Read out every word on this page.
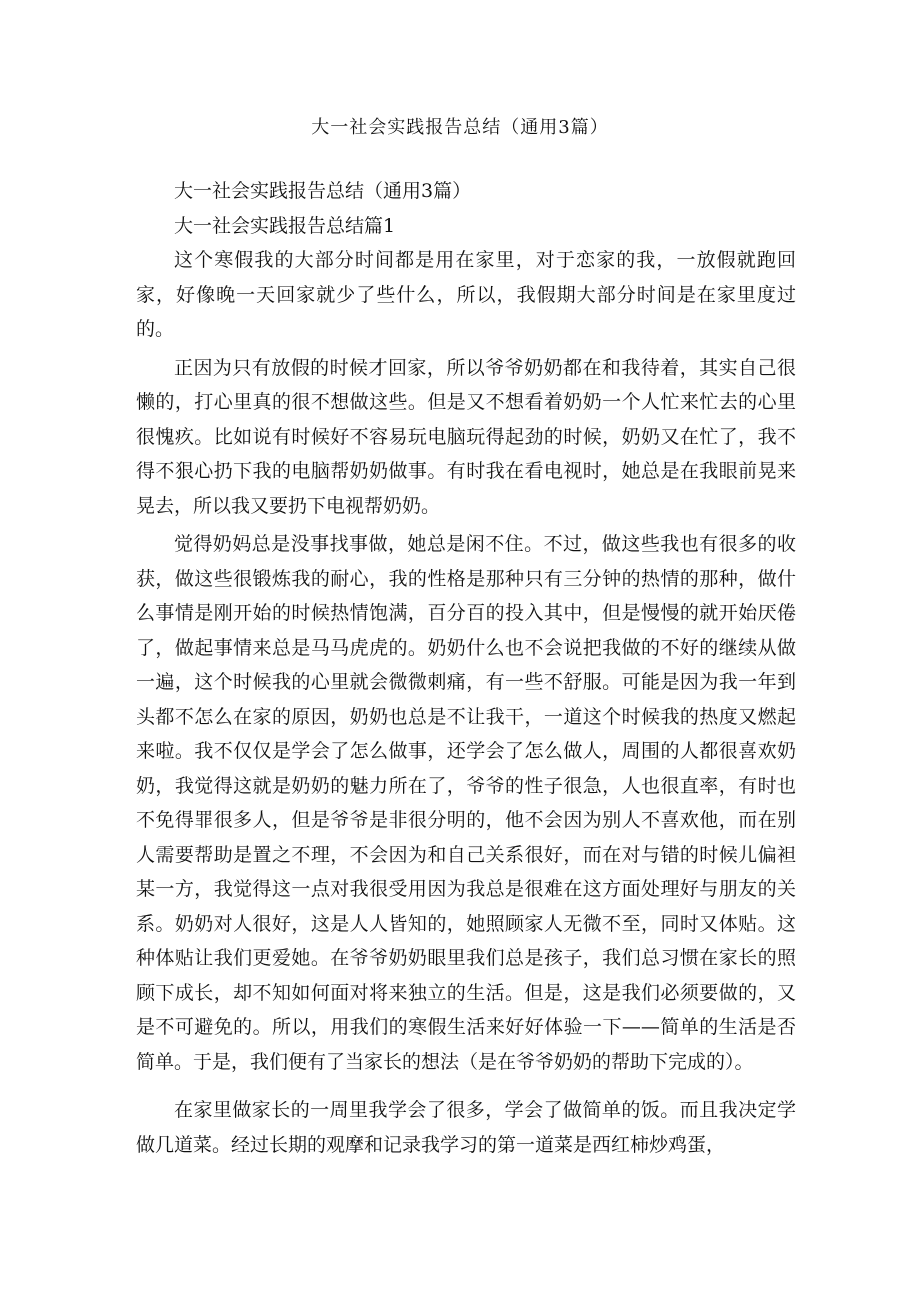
大一社会实践报告总结（通用3篇）

大一社会实践报告总结（通用3篇）

大一社会实践报告总结篇1

这个寒假我的大部分时间都是用在家里，对于恋家的我，一放假就跑回家，好像晚一天回家就少了些什么，所以，我假期大部分时间是在家里度过的。

正因为只有放假的时候才回家，所以爷爷奶奶都在和我待着，其实自己很懒的，打心里真的很不想做这些。但是又不想看着奶奶一个人忙来忙去的心里很愧疚。比如说有时候好不容易玩电脑玩得起劲的时候，奶奶又在忙了，我不得不狠心扔下我的电脑帮奶奶做事。有时我在看电视时，她总是在我眼前晃来晃去，所以我又要扔下电视帮奶奶。

觉得奶妈总是没事找事做，她总是闲不住。不过，做这些我也有很多的收获，做这些很锻炼我的耐心，我的性格是那种只有三分钟的热情的那种，做什么事情是刚开始的时候热情饱满，百分百的投入其中，但是慢慢的就开始厌倦了，做起事情来总是马马虎虎的。奶奶什么也不会说把我做的不好的继续从做一遍，这个时候我的心里就会微微刺痛，有一些不舒服。可能是因为我一年到头都不怎么在家的原因，奶奶也总是不让我干，一道这个时候我的热度又燃起来啦。我不仅仅是学会了怎么做事，还学会了怎么做人，周围的人都很喜欢奶奶，我觉得这就是奶奶的魅力所在了，爷爷的性子很急，人也很直率，有时也不免得罪很多人，但是爷爷是非很分明的，他不会因为别人不喜欢他，而在别人需要帮助是置之不理，不会因为和自己关系很好，而在对与错的时候儿偏袒某一方，我觉得这一点对我很受用因为我总是很难在这方面处理好与朋友的关系。奶奶对人很好，这是人人皆知的，她照顾家人无微不至，同时又体贴。这种体贴让我们更爱她。在爷爷奶奶眼里我们总是孩子，我们总习惯在家长的照顾下成长，却不知如何面对将来独立的生活。但是，这是我们必须要做的，又是不可避免的。所以，用我们的寒假生活来好好体验一下——简单的生活是否简单。于是，我们便有了当家长的想法（是在爷爷奶奶的帮助下完成的）。

在家里做家长的一周里我学会了很多，学会了做简单的饭。而且我决定学做几道菜。经过长期的观摩和记录我学习的第一道菜是西红柿炒鸡蛋，
